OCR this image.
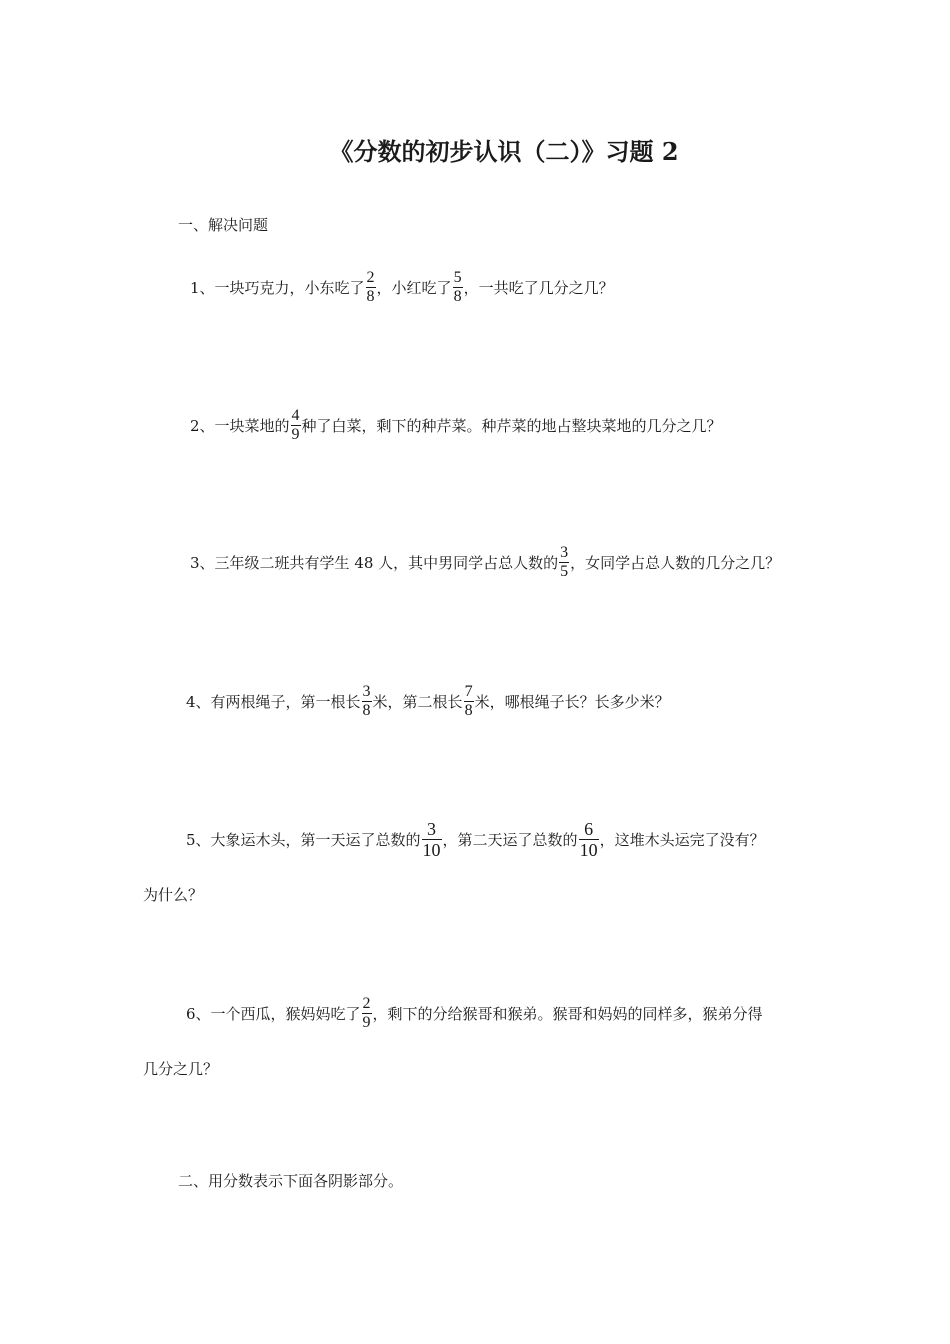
《分数的初步认识（二）》习题 2
一、解决问题
1、一块巧克力，小东吃了 $\frac{2}{8}$ ，小红吃了 $\frac{5}{8}$ ，一共吃了几分之几？
2、一块菜地的 $\frac{4}{9}$ 种了白菜，剩下的种芹菜。种芹菜的地占整块菜地的几分之几？
3、三年级二班共有学生 48 人，其中男同学占总人数的 $\frac{3}{5}$ ，女同学占总人数的几分之几？
4、有两根绳子，第一根长 $\frac{3}{8}$ 米，第二根长 $\frac{7}{8}$ 米，哪根绳子长？长多少米？
5、大象运木头，第一天运了总数的 $\frac{3}{10}$ ，第二天运了总数的 $\frac{6}{10}$ ，这堆木头运完了没有？
为什么？
6、一个西瓜，猴妈妈吃了 $\frac{2}{9}$ ，剩下的分给猴哥和猴弟。猴哥和妈妈的同样多，猴弟分得
几分之几？
二、用分数表示下面各阴影部分。
